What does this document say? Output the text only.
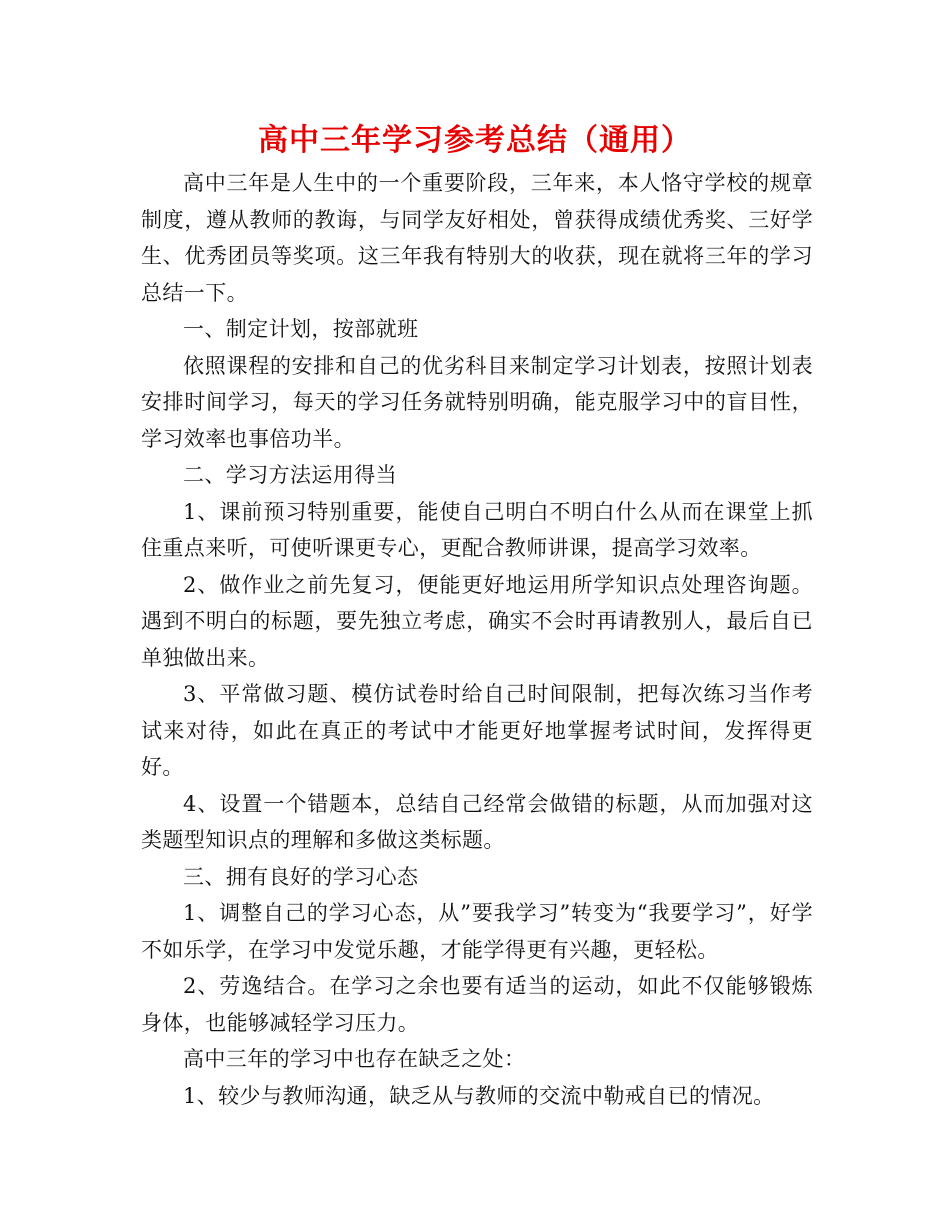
高中三年学习参考总结（通用）

高中三年是人生中的一个重要阶段，三年来，本人恪守学校的规章制度，遵从教师的教诲，与同学友好相处，曾获得成绩优秀奖、三好学生、优秀团员等奖项。这三年我有特别大的收获，现在就将三年的学习总结一下。

一、制定计划，按部就班

依照课程的安排和自己的优劣科目来制定学习计划表，按照计划表安排时间学习，每天的学习任务就特别明确，能克服学习中的盲目性，学习效率也事倍功半。

二、学习方法运用得当

1、课前预习特别重要，能使自己明白不明白什么从而在课堂上抓住重点来听，可使听课更专心，更配合教师讲课，提高学习效率。

2、做作业之前先复习，便能更好地运用所学知识点处理咨询题。遇到不明白的标题，要先独立考虑，确实不会时再请教别人，最后自已单独做出来。

3、平常做习题、模仿试卷时给自己时间限制，把每次练习当作考试来对待，如此在真正的考试中才能更好地掌握考试时间，发挥得更好。

4、设置一个错题本，总结自己经常会做错的标题，从而加强对这类题型知识点的理解和多做这类标题。

三、拥有良好的学习心态

1、调整自己的学习心态，从”要我学习”转变为“我要学习”，好学不如乐学，在学习中发觉乐趣，才能学得更有兴趣，更轻松。

2、劳逸结合。在学习之余也要有适当的运动，如此不仅能够锻炼身体，也能够减轻学习压力。

高中三年的学习中也存在缺乏之处：

1、较少与教师沟通，缺乏从与教师的交流中勒戒自已的情况。
